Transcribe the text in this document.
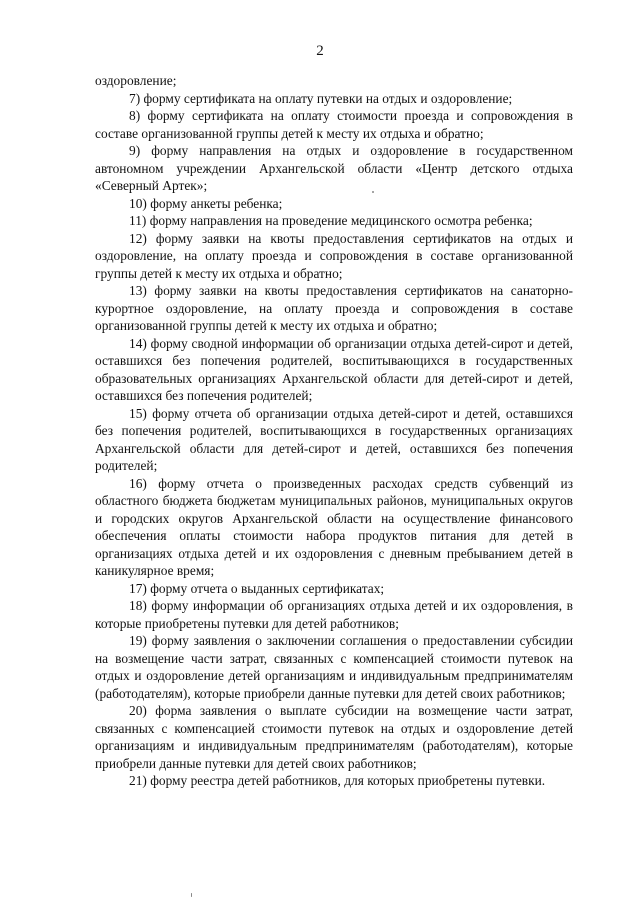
2

оздоровление;

7) форму сертификата на оплату путевки на отдых и оздоровление;

8) форму сертификата на оплату стоимости проезда и сопровождения в составе организованной группы детей к месту их отдыха и обратно;

9) форму направления на отдых и оздоровление в государственном автономном учреждении Архангельской области «Центр детского отдыха «Северный Артек»;

10) форму анкеты ребенка;

11) форму направления на проведение медицинского осмотра ребенка;

12) форму заявки на квоты предоставления сертификатов на отдых и оздоровление, на оплату проезда и сопровождения в составе организованной группы детей к месту их отдыха и обратно;

13) форму заявки на квоты предоставления сертификатов на санаторно-курортное оздоровление, на оплату проезда и сопровождения в составе организованной группы детей к месту их отдыха и обратно;

14) форму сводной информации об организации отдыха детей-сирот и детей, оставшихся без попечения родителей, воспитывающихся в государственных образовательных организациях Архангельской области для детей-сирот и детей, оставшихся без попечения родителей;

15) форму отчета об организации отдыха детей-сирот и детей, оставшихся без попечения родителей, воспитывающихся в государственных организациях Архангельской области для детей-сирот и детей, оставшихся без попечения родителей;

16) форму отчета о произведенных расходах средств субвенций из областного бюджета бюджетам муниципальных районов, муниципальных округов и городских округов Архангельской области на осуществление финансового обеспечения оплаты стоимости набора продуктов питания для детей в организациях отдыха детей и их оздоровления с дневным пребыванием детей в каникулярное время;

17) форму отчета о выданных сертификатах;

18) форму информации об организациях отдыха детей и их оздоровления, в которые приобретены путевки для детей работников;

19) форму заявления о заключении соглашения о предоставлении субсидии на возмещение части затрат, связанных с компенсацией стоимости путевок на отдых и оздоровление детей организациям и индивидуальным предпринимателям (работодателям), которые приобрели данные путевки для детей своих работников;

20) форма заявления о выплате субсидии на возмещение части затрат, связанных с компенсацией стоимости путевок на отдых и оздоровление детей организациям и индивидуальным предпринимателям (работодателям), которые приобрели данные путевки для детей своих работников;

21) форму реестра детей работников, для которых приобретены путевки.
